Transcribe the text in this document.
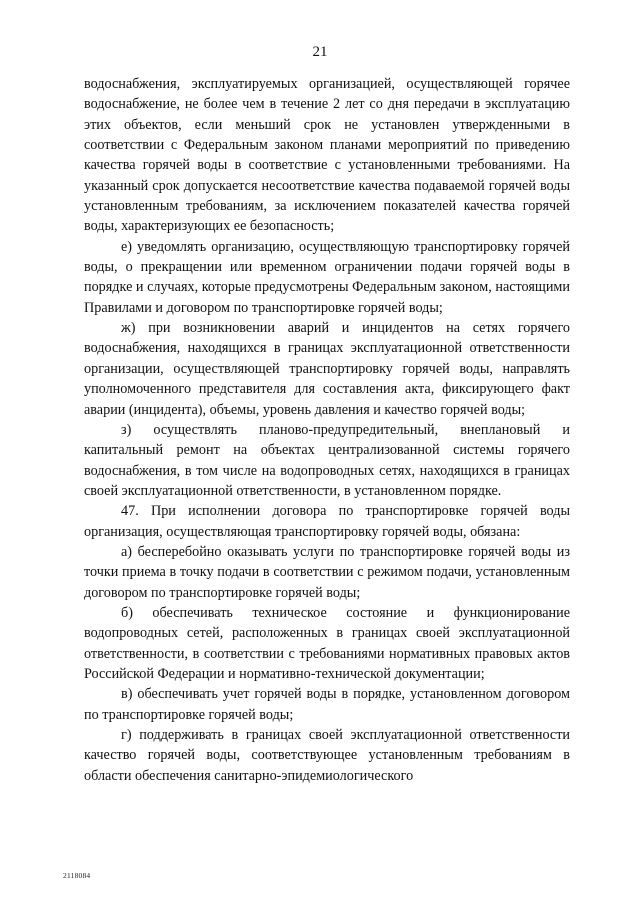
21

водоснабжения, эксплуатируемых организацией, осуществляющей горячее водоснабжение, не более чем в течение 2 лет со дня передачи в эксплуатацию этих объектов, если меньший срок не установлен утвержденными в соответствии с Федеральным законом планами мероприятий по приведению качества горячей воды в соответствие с установленными требованиями. На указанный срок допускается несоответствие качества подаваемой горячей воды установленным требованиям, за исключением показателей качества горячей воды, характеризующих ее безопасность;

е) уведомлять организацию, осуществляющую транспортировку горячей воды, о прекращении или временном ограничении подачи горячей воды в порядке и случаях, которые предусмотрены Федеральным законом, настоящими Правилами и договором по транспортировке горячей воды;

ж) при возникновении аварий и инцидентов на сетях горячего водоснабжения, находящихся в границах эксплуатационной ответственности организации, осуществляющей транспортировку горячей воды, направлять уполномоченного представителя для составления акта, фиксирующего факт аварии (инцидента), объемы, уровень давления и качество горячей воды;

з) осуществлять планово-предупредительный, внеплановый и капитальный ремонт на объектах централизованной системы горячего водоснабжения, в том числе на водопроводных сетях, находящихся в границах своей эксплуатационной ответственности, в установленном порядке.

47. При исполнении договора по транспортировке горячей воды организация, осуществляющая транспортировку горячей воды, обязана:

а) бесперебойно оказывать услуги по транспортировке горячей воды из точки приема в точку подачи в соответствии с режимом подачи, установленным договором по транспортировке горячей воды;

б) обеспечивать техническое состояние и функционирование водопроводных сетей, расположенных в границах своей эксплуатационной ответственности, в соответствии с требованиями нормативных правовых актов Российской Федерации и нормативно-технической документации;

в) обеспечивать учет горячей воды в порядке, установленном договором по транспортировке горячей воды;

г) поддерживать в границах своей эксплуатационной ответственности качество горячей воды, соответствующее установленным требованиям в области обеспечения санитарно-эпидемиологического

2118084
